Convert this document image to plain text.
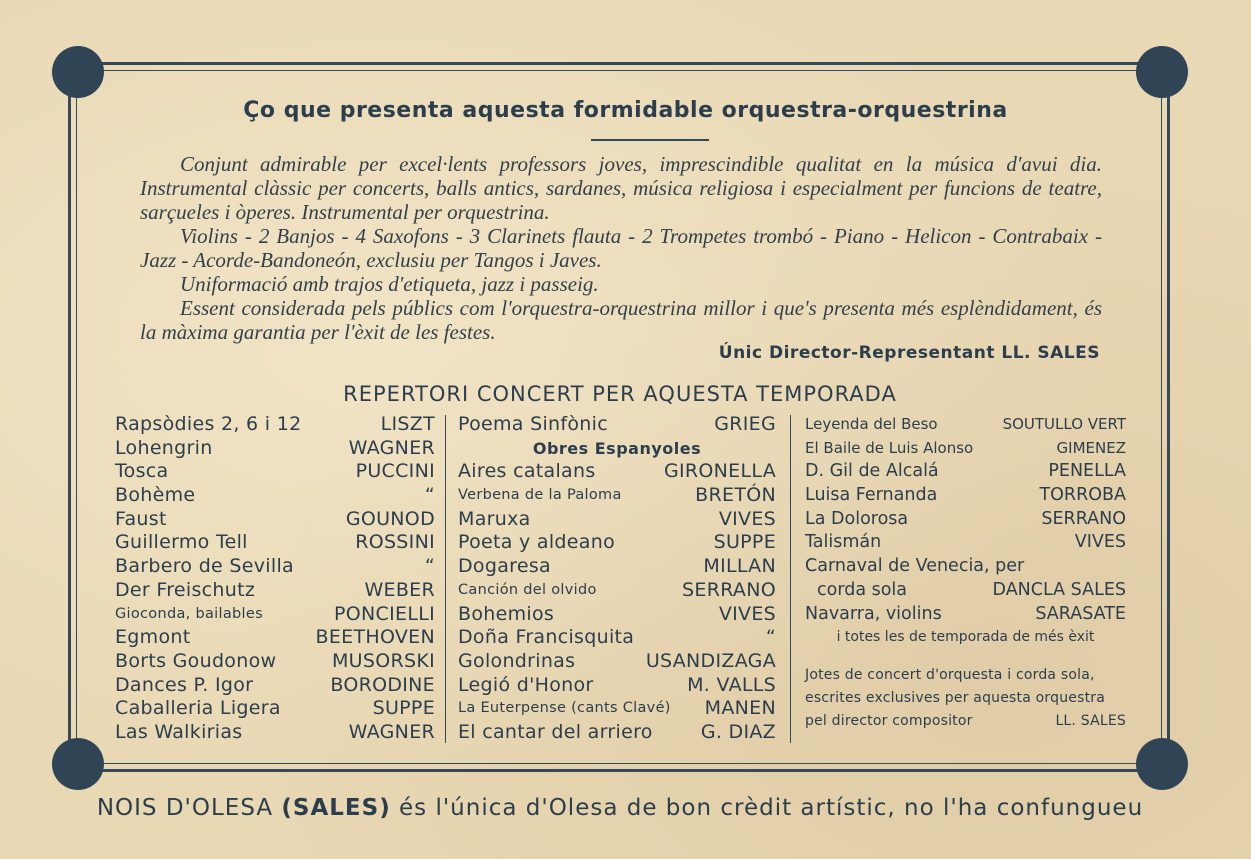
Ço que presenta aquesta formidable orquestra-orquestrina

Conjunt admirable per excel·lents professors joves, imprescindible qualitat en la música d'avui dia. Instrumental clàssic per concerts, balls antics, sardanes, música religiosa i especialment per funcions de teatre, sarçueles i òperes. Instrumental per orquestrina.

Violins - 2 Banjos - 4 Saxofons - 3 Clarinets flauta - 2 Trompetes trombó - Piano - Helicon - Contrabaix - Jazz - Acorde-Bandoneón, exclusiu per Tangos i Javes.

Uniformació amb trajos d'etiqueta, jazz i passeig.

Essent considerada pels públics com l'orquestra-orquestrina millor i que's presenta més esplèndidament, és la màxima garantia per l'èxit de les festes.

Únic Director-Representant LL. SALES
REPERTORI CONCERT PER AQUESTA TEMPORADA
Rapsòdies 2, 6 i 12	LISZT
Lohengrin	WAGNER
Tosca	PUCCINI
Bohème	“
Faust	GOUNOD
Guillermo Tell	ROSSINI
Barbero de Sevilla	“
Der Freischutz	WEBER
Gioconda, bailables	PONCIELLI
Egmont	BEETHOVEN
Borts Goudonow	MUSORSKI
Dances P. Igor	BORODINE
Caballeria Ligera	SUPPE
Las Walkirias	WAGNER
Poema Sinfònic	GRIEG
Obres Espanyoles
Aires catalans	GIRONELLA
Verbena de la Paloma	BRETÓN
Maruxa	VIVES
Poeta y aldeano	SUPPE
Dogaresa	MILLAN
Canción del olvido	SERRANO
Bohemios	VIVES
Doña Francisquita	“
Golondrinas	USANDIZAGA
Legió d'Honor	M. VALLS
La Euterpense (cants Clavé) MANEN
El cantar del arriero	G. DIAZ
Leyenda del Beso	SOUTULLO VERT
El Baile de Luis Alonso	GIMENEZ
D. Gil de Alcalá	PENELLA
Luisa Fernanda	TORROBA
La Dolorosa	SERRANO
Talismán	VIVES
Carnaval de Venecia, per
corda sola	DANCLA SALES
Navarra, violins	SARASATE
i totes les de temporada de més èxit
Jotes de concert d'orquesta i corda sola,
escrites exclusives per aquesta orquestra
pel director compositor	LL. SALES
NOIS D'OLESA (SALES) és l'única d'Olesa de bon crèdit artístic, no l'ha confungueu
